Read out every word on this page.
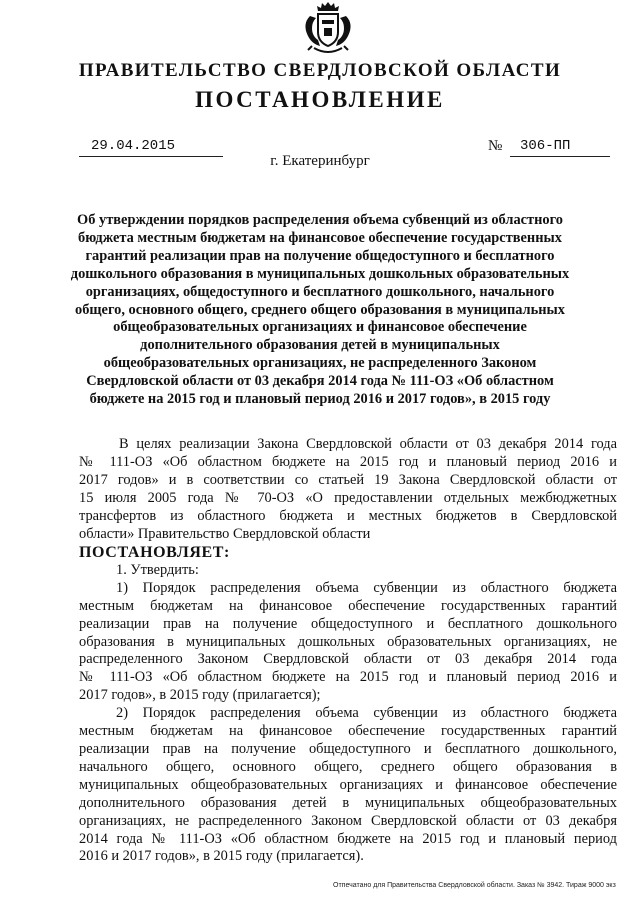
ПРАВИТЕЛЬСТВО СВЕРДЛОВСКОЙ ОБЛАСТИ
ПОСТАНОВЛЕНИЕ
29.04.2015	№ 306-ПП
г. Екатеринбург
Об утверждении порядков распределения объема субвенций из областного
бюджета местным бюджетам на финансовое обеспечение государственных
гарантий реализации прав на получение общедоступного и бесплатного
дошкольного образования в муниципальных дошкольных образовательных
организациях, общедоступного и бесплатного дошкольного, начального
общего, основного общего, среднего общего образования в муниципальных
общеобразовательных организациях и финансовое обеспечение
дополнительного образования детей в муниципальных
общеобразовательных организациях, не распределенного Законом
Свердловской области от 03 декабря 2014 года № 111-ОЗ «Об областном
бюджете на 2015 год и плановый период 2016 и 2017 годов», в 2015 году
В целях реализации Закона Свердловской области от 03 декабря 2014 года
№ 111-ОЗ «Об областном бюджете на 2015 год и плановый период 2016 и
2017 годов» и в соответствии со статьей 19 Закона Свердловской области от
15 июля 2005 года № 70-ОЗ «О предоставлении отдельных межбюджетных
трансфертов из областного бюджета и местных бюджетов в Свердловской
области» Правительство Свердловской области
ПОСТАНОВЛЯЕТ:
1. Утвердить:
1) Порядок распределения объема субвенции из областного бюджета
местным бюджетам на финансовое обеспечение государственных гарантий
реализации прав на получение общедоступного и бесплатного дошкольного
образования в муниципальных дошкольных образовательных организациях, не
распределенного Законом Свердловской области от 03 декабря 2014 года
№ 111-ОЗ «Об областном бюджете на 2015 год и плановый период 2016 и
2017 годов», в 2015 году (прилагается);
2) Порядок распределения объема субвенции из областного бюджета
местным бюджетам на финансовое обеспечение государственных гарантий
реализации прав на получение общедоступного и бесплатного дошкольного,
начального общего, основного общего, среднего общего образования в
муниципальных общеобразовательных организациях и финансовое обеспечение
дополнительного образования детей в муниципальных общеобразовательных
организациях, не распределенного Законом Свердловской области от 03 декабря
2014 года № 111-ОЗ «Об областном бюджете на 2015 год и плановый период
2016 и 2017 годов», в 2015 году (прилагается).
Отпечатано для Правительства Свердловской области. Заказ № 3942. Тираж 9000 экз
